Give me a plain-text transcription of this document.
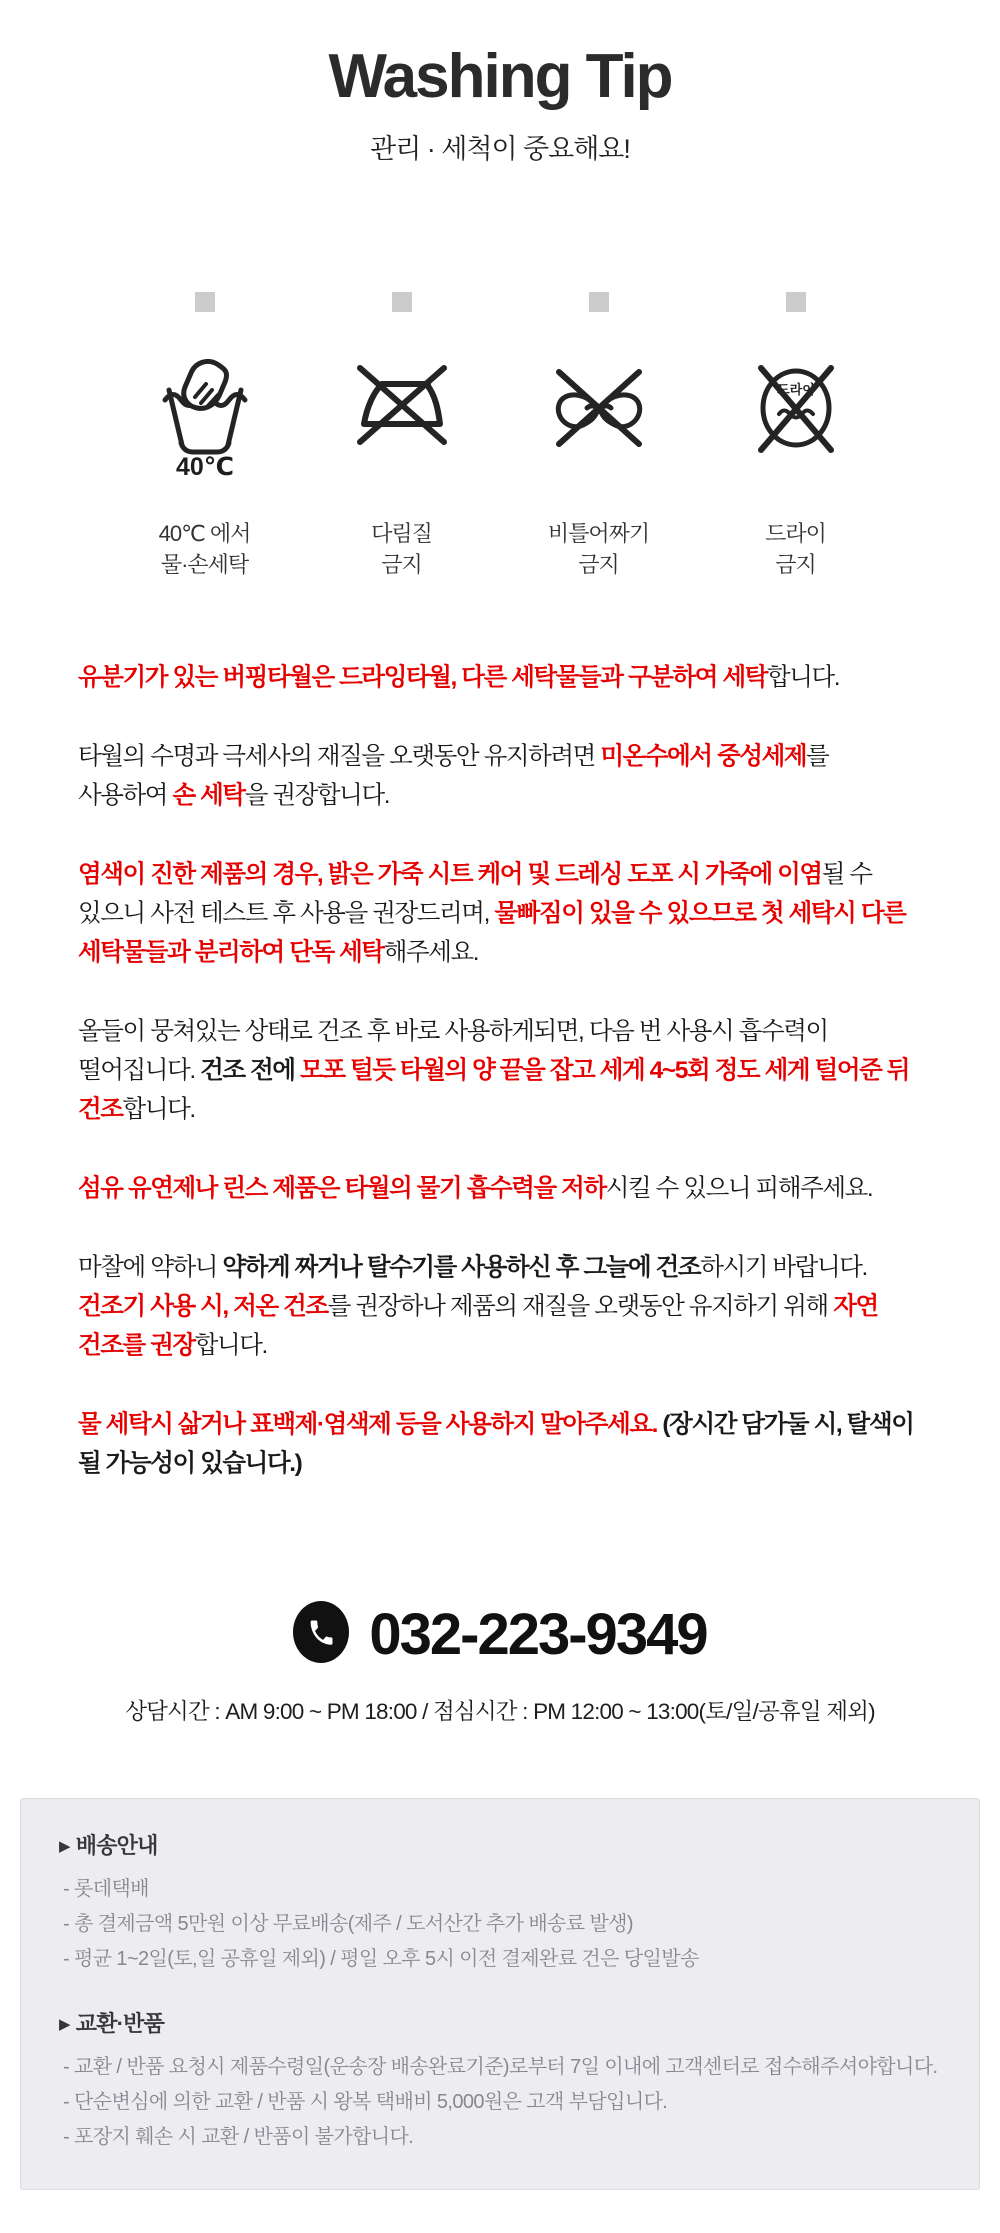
Washing Tip
관리 · 세척이 중요해요!
40℃
40℃ 에서
물·손세탁
다림질
금지
비틀어짜기
금지
드라이
드라이
금지

유분기가 있는 버핑타월은 드라잉타월, 다른 세탁물들과 구분하여 세탁합니다.

타월의 수명과 극세사의 재질을 오랫동안 유지하려면 미온수에서 중성세제를 사용하여 손 세탁을 권장합니다.

염색이 진한 제품의 경우, 밝은 가죽 시트 케어 및 드레싱 도포 시 가죽에 이염될 수 있으니 사전 테스트 후 사용을 권장드리며, 물빠짐이 있을 수 있으므로 첫 세탁시 다른 세탁물들과 분리하여 단독 세탁해주세요.

올들이 뭉쳐있는 상태로 건조 후 바로 사용하게되면, 다음 번 사용시 흡수력이 떨어집니다. 건조 전에 모포 털듯 타월의 양 끝을 잡고 세게 4~5회 정도 세게 털어준 뒤 건조합니다.

섬유 유연제나 린스 제품은 타월의 물기 흡수력을 저하시킬 수 있으니 피해주세요.

마찰에 약하니 약하게 짜거나 탈수기를 사용하신 후 그늘에 건조하시기 바랍니다. 건조기 사용 시, 저온 건조를 권장하나 제품의 재질을 오랫동안 유지하기 위해 자연 건조를 권장합니다.

물 세탁시 삶거나 표백제·염색제 등을 사용하지 말아주세요. (장시간 담가둘 시, 탈색이 될 가능성이 있습니다.)

032-223-9349
상담시간 : AM 9:00 ~ PM 18:00 / 점심시간 : PM 12:00 ~ 13:00(토/일/공휴일 제외)
▶ 배송안내

- 롯데택배

- 총 결제금액 5만원 이상 무료배송(제주 / 도서산간 추가 배송료 발생)

- 평균 1~2일(토,일 공휴일 제외) / 평일 오후 5시 이전 결제완료 건은 당일발송

▶ 교환·반품

- 교환 / 반품 요청시 제품수령일(운송장 배송완료기준)로부터 7일 이내에 고객센터로 접수해주셔야합니다.

- 단순변심에 의한 교환 / 반품 시 왕복 택배비 5,000원은 고객 부담입니다.

- 포장지 훼손 시 교환 / 반품이 불가합니다.
